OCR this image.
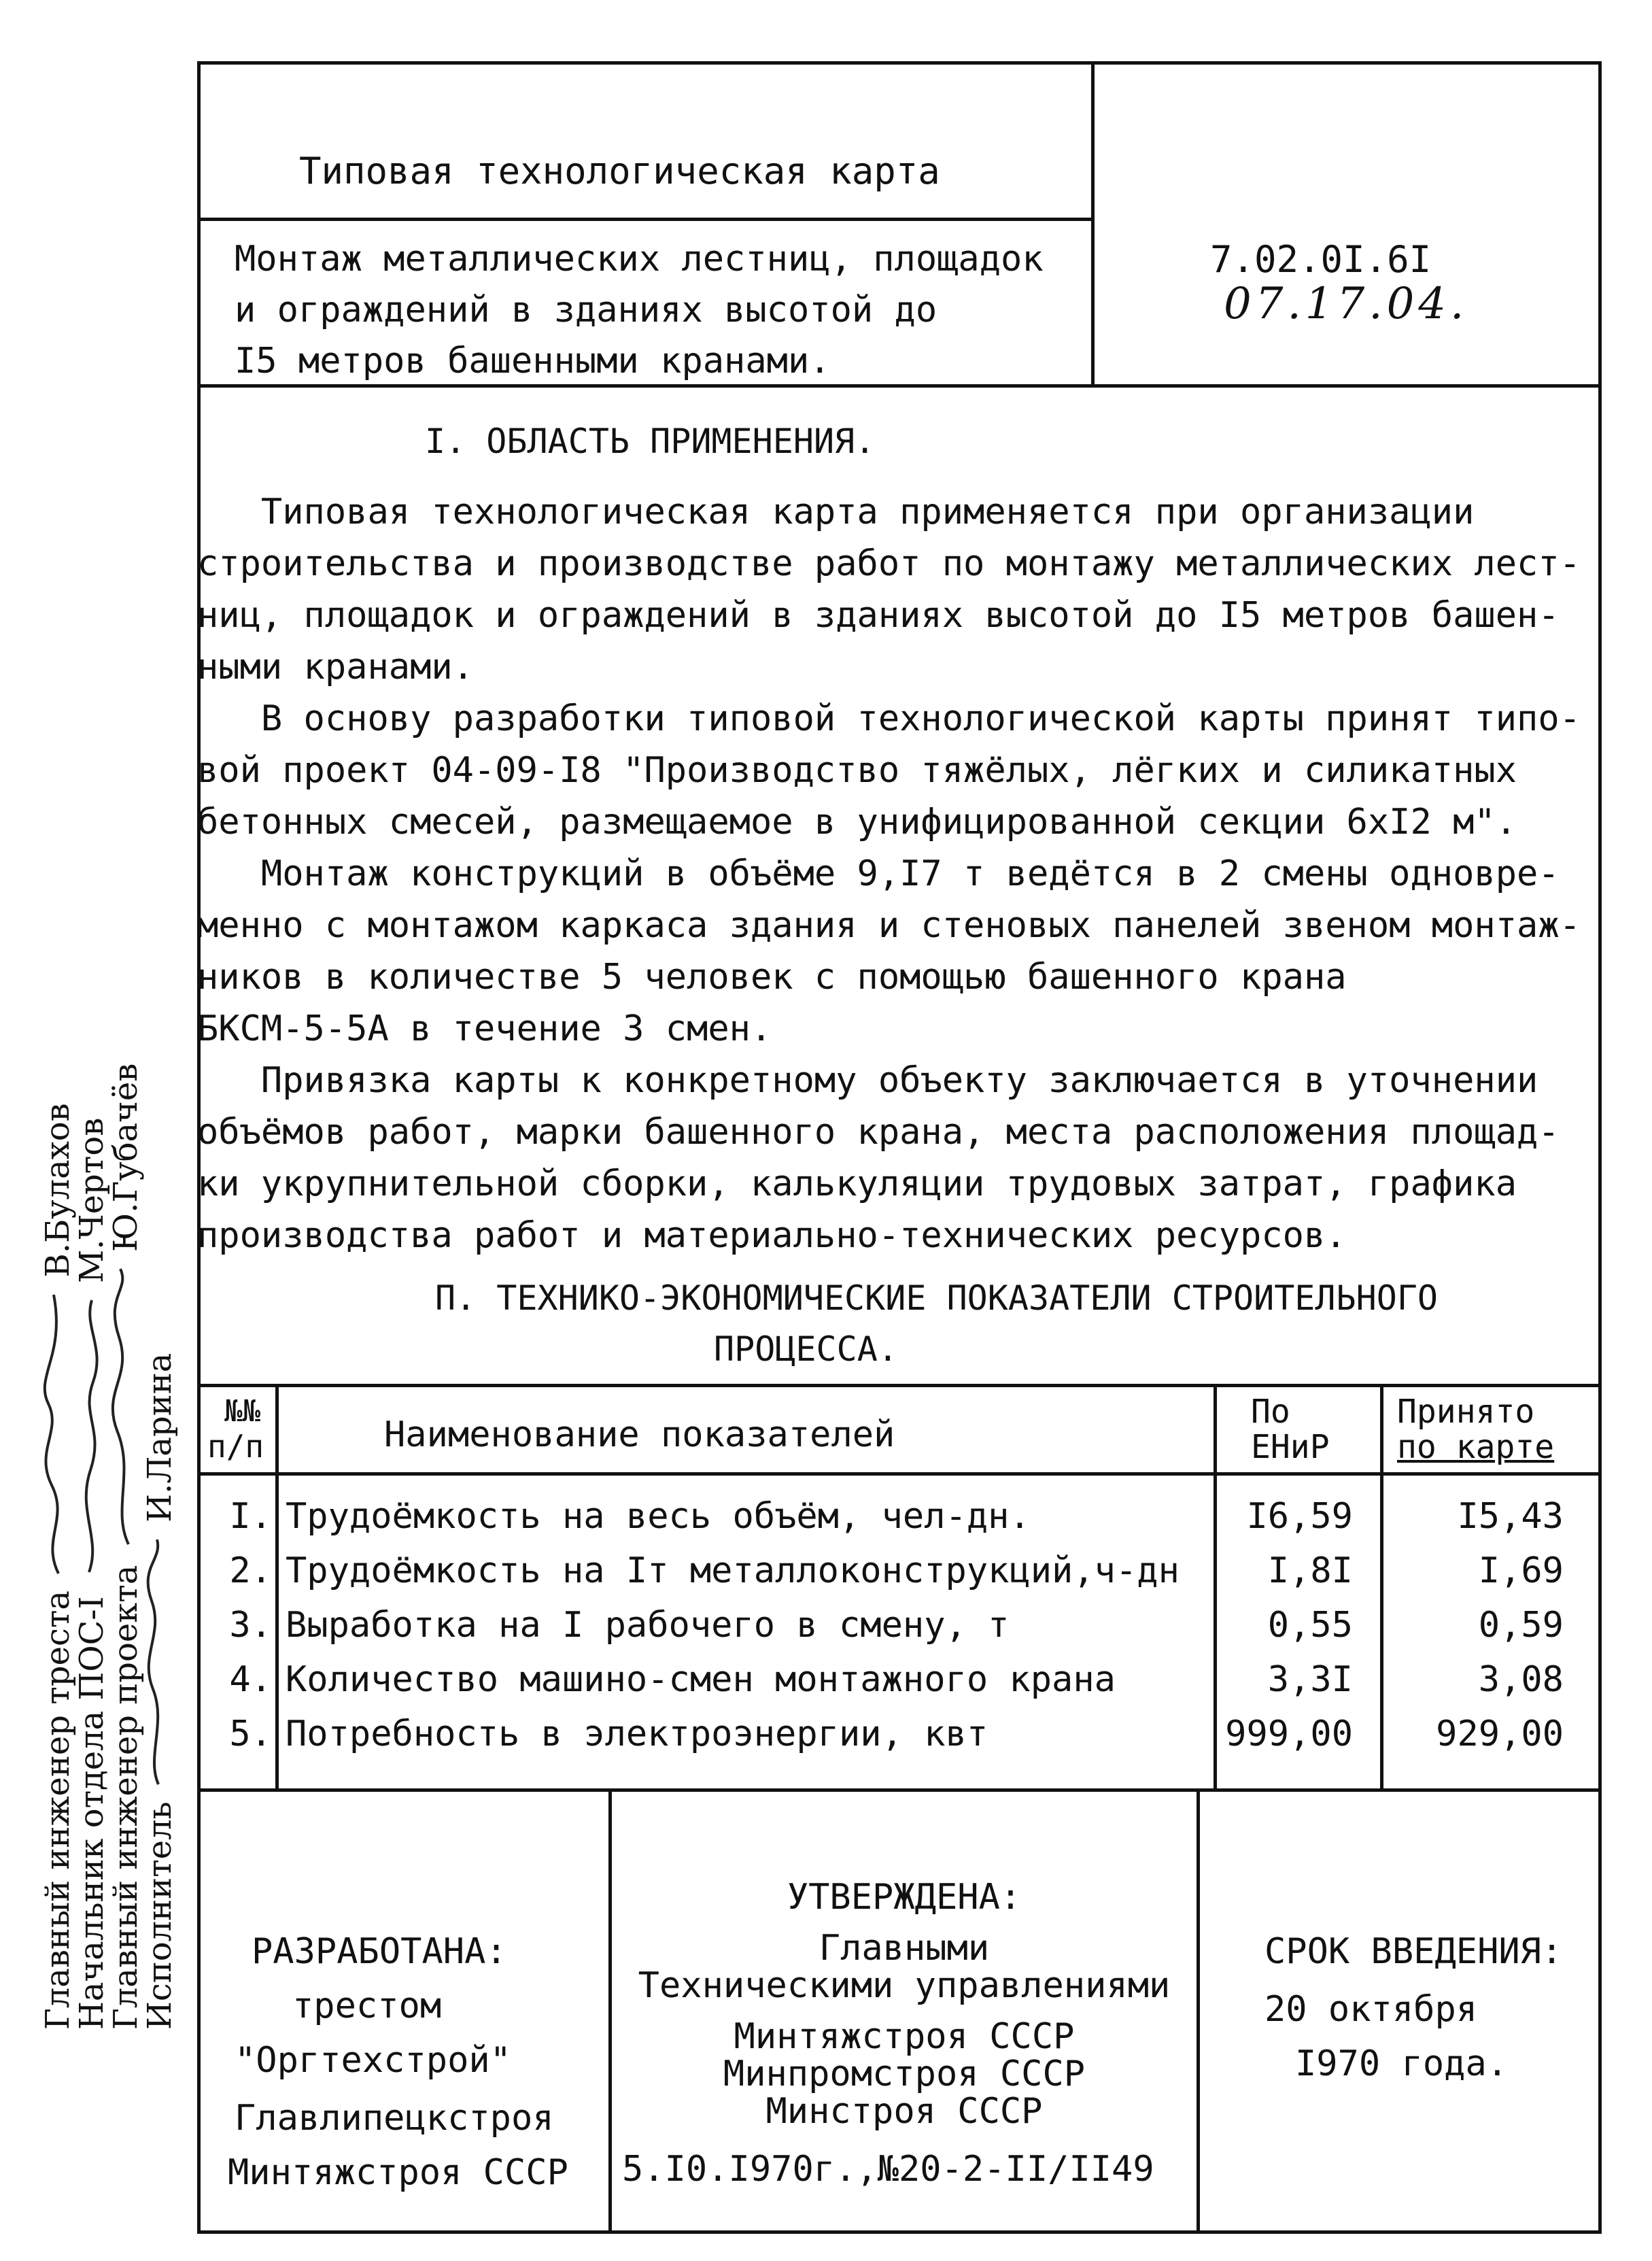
Типовая технологическая карта
Монтаж металлических лестниц, площадок
и ограждений в зданиях высотой до
I5 метров башенными кранами.
7.02.0I.6I
07.17.04.
I. ОБЛАСТЬ ПРИМЕНЕНИЯ.
Типовая технологическая карта применяется при организации
строительства и производстве работ по монтажу металлических лест-
ниц, площадок и ограждений в зданиях высотой до I5 метров башен-
ными кранами.
В основу разработки типовой технологической карты принят типо-
вой проект 04-09-I8 "Производство тяжёлых, лёгких и силикатных
бетонных смесей, размещаемое в унифицированной секции 6хI2 м".
Монтаж конструкций в объёме 9,I7 т ведётся в 2 смены одновре-
менно с монтажом каркаса здания и стеновых панелей звеном монтаж-
ников в количестве 5 человек с помощью башенного крана
БКСМ-5-5А в течение 3 смен.
Привязка карты к конкретному объекту заключается в уточнении
объёмов работ, марки башенного крана, места расположения площад-
ки укрупнительной сборки, калькуляции трудовых затрат, графика
производства работ и материально-технических ресурсов.
П. ТЕХНИКО-ЭКОНОМИЧЕСКИЕ ПОКАЗАТЕЛИ СТРОИТЕЛЬНОГО
ПРОЦЕССА.
№№
п/п	Наименование показателей
По
ЕНиР
Принято
по карте
I. Трудоёмкость на весь объём, чел-дн.	I6,59	I5,43
2. Трудоёмкость на Iт металлоконструкций,ч-дн	I,8I	I,69
3. Выработка на I рабочего в смену, т	0,55	0,59
4. Количество машино-смен монтажного крана	3,3I	3,08
5. Потребность в электроэнергии, квт	999,00	929,00
РАЗРАБОТАНА:
трестом
"Оргтехстрой"
Главлипецкстроя
Минтяжстроя СССР
УТВЕРЖДЕНА:
Главными
Техническими управлениями
Минтяжстроя СССР
Минпромстроя СССР
Минстроя СССР
5.I0.I970г.,№20-2-II/II49
СРОК ВВЕДЕНИЯ:
20 октября
I970 года.
Главный инженер треста  В.Булахов
Начальник отдела ПОС-I  М.Чертов
Главный инженер проекта  Ю.Губачёв
Исполнитель  И.Ларина
